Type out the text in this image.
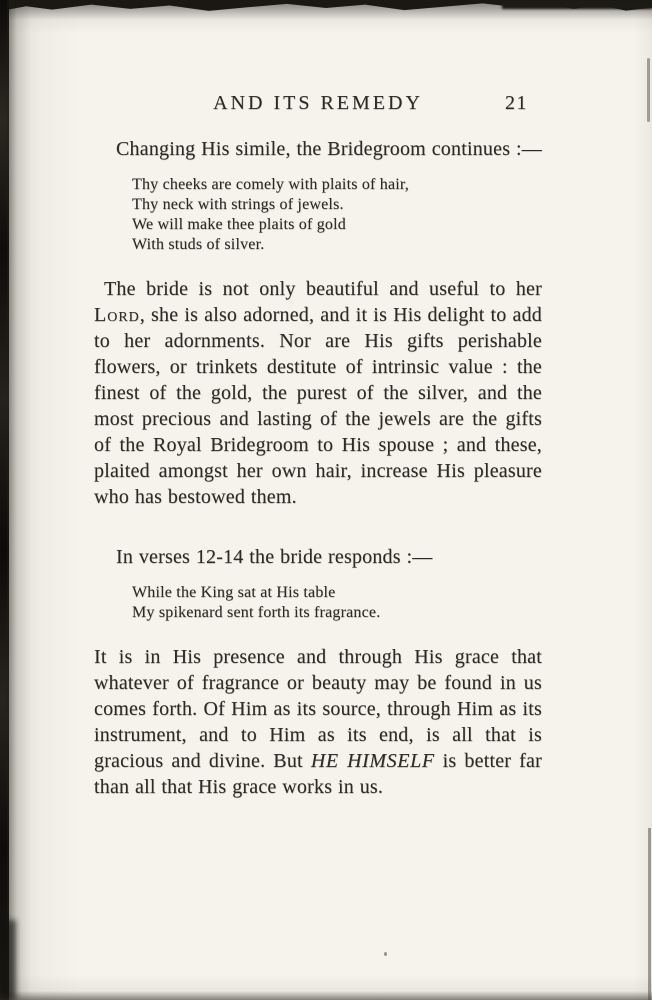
AND ITS REMEDY	21

Changing His simile, the Bridegroom continues :—

Thy cheeks are comely with plaits of hair,
Thy neck with strings of jewels.
We will make thee plaits of gold
With studs of silver.

The bride is not only beautiful and useful to her Lord, she is also adorned, and it is His delight to add to her adornments. Nor are His gifts perishable flowers, or trinkets destitute of intrinsic value : the finest of the gold, the purest of the silver, and the most precious and lasting of the jewels are the gifts of the Royal Bridegroom to His spouse ; and these, plaited amongst her own hair, increase His pleasure who has bestowed them.

In verses 12-14 the bride responds :—

While the King sat at His table
My spikenard sent forth its fragrance.

It is in His presence and through His grace that whatever of fragrance or beauty may be found in us comes forth. Of Him as its source, through Him as its instrument, and to Him as its end, is all that is gracious and divine. But HE HIMSELF is better far than all that His grace works in us.
